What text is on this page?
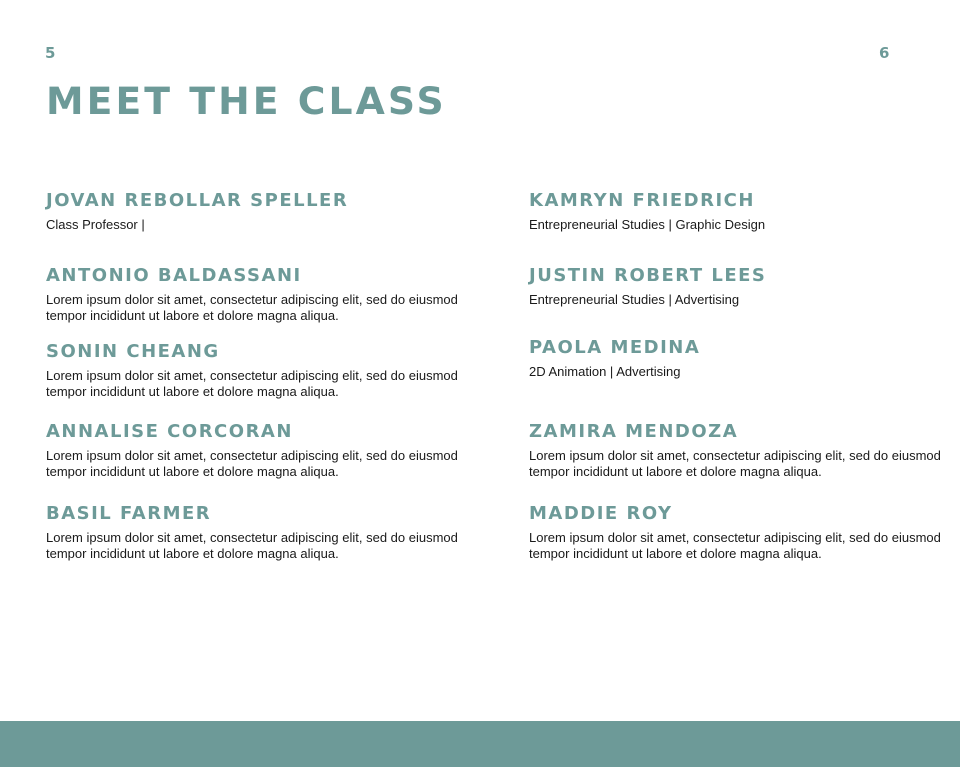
5	6
MEET THE CLASS
JOVAN REBOLLAR SPELLER

Class Professor |

ANTONIO BALDASSANI

Lorem ipsum dolor sit amet, consectetur adipiscing elit, sed do eiusmod tempor incididunt ut labore et dolore magna aliqua.

SONIN CHEANG

Lorem ipsum dolor sit amet, consectetur adipiscing elit, sed do eiusmod tempor incididunt ut labore et dolore magna aliqua.

ANNALISE CORCORAN

Lorem ipsum dolor sit amet, consectetur adipiscing elit, sed do eiusmod tempor incididunt ut labore et dolore magna aliqua.

BASIL FARMER

Lorem ipsum dolor sit amet, consectetur adipiscing elit, sed do eiusmod tempor incididunt ut labore et dolore magna aliqua.

KAMRYN FRIEDRICH

Entrepreneurial Studies | Graphic Design

JUSTIN ROBERT LEES

Entrepreneurial Studies | Advertising

PAOLA MEDINA

2D Animation | Advertising

ZAMIRA MENDOZA

Lorem ipsum dolor sit amet, consectetur adipiscing elit, sed do eiusmod tempor incididunt ut labore et dolore magna aliqua.

MADDIE ROY

Lorem ipsum dolor sit amet, consectetur adipiscing elit, sed do eiusmod tempor incididunt ut labore et dolore magna aliqua.
